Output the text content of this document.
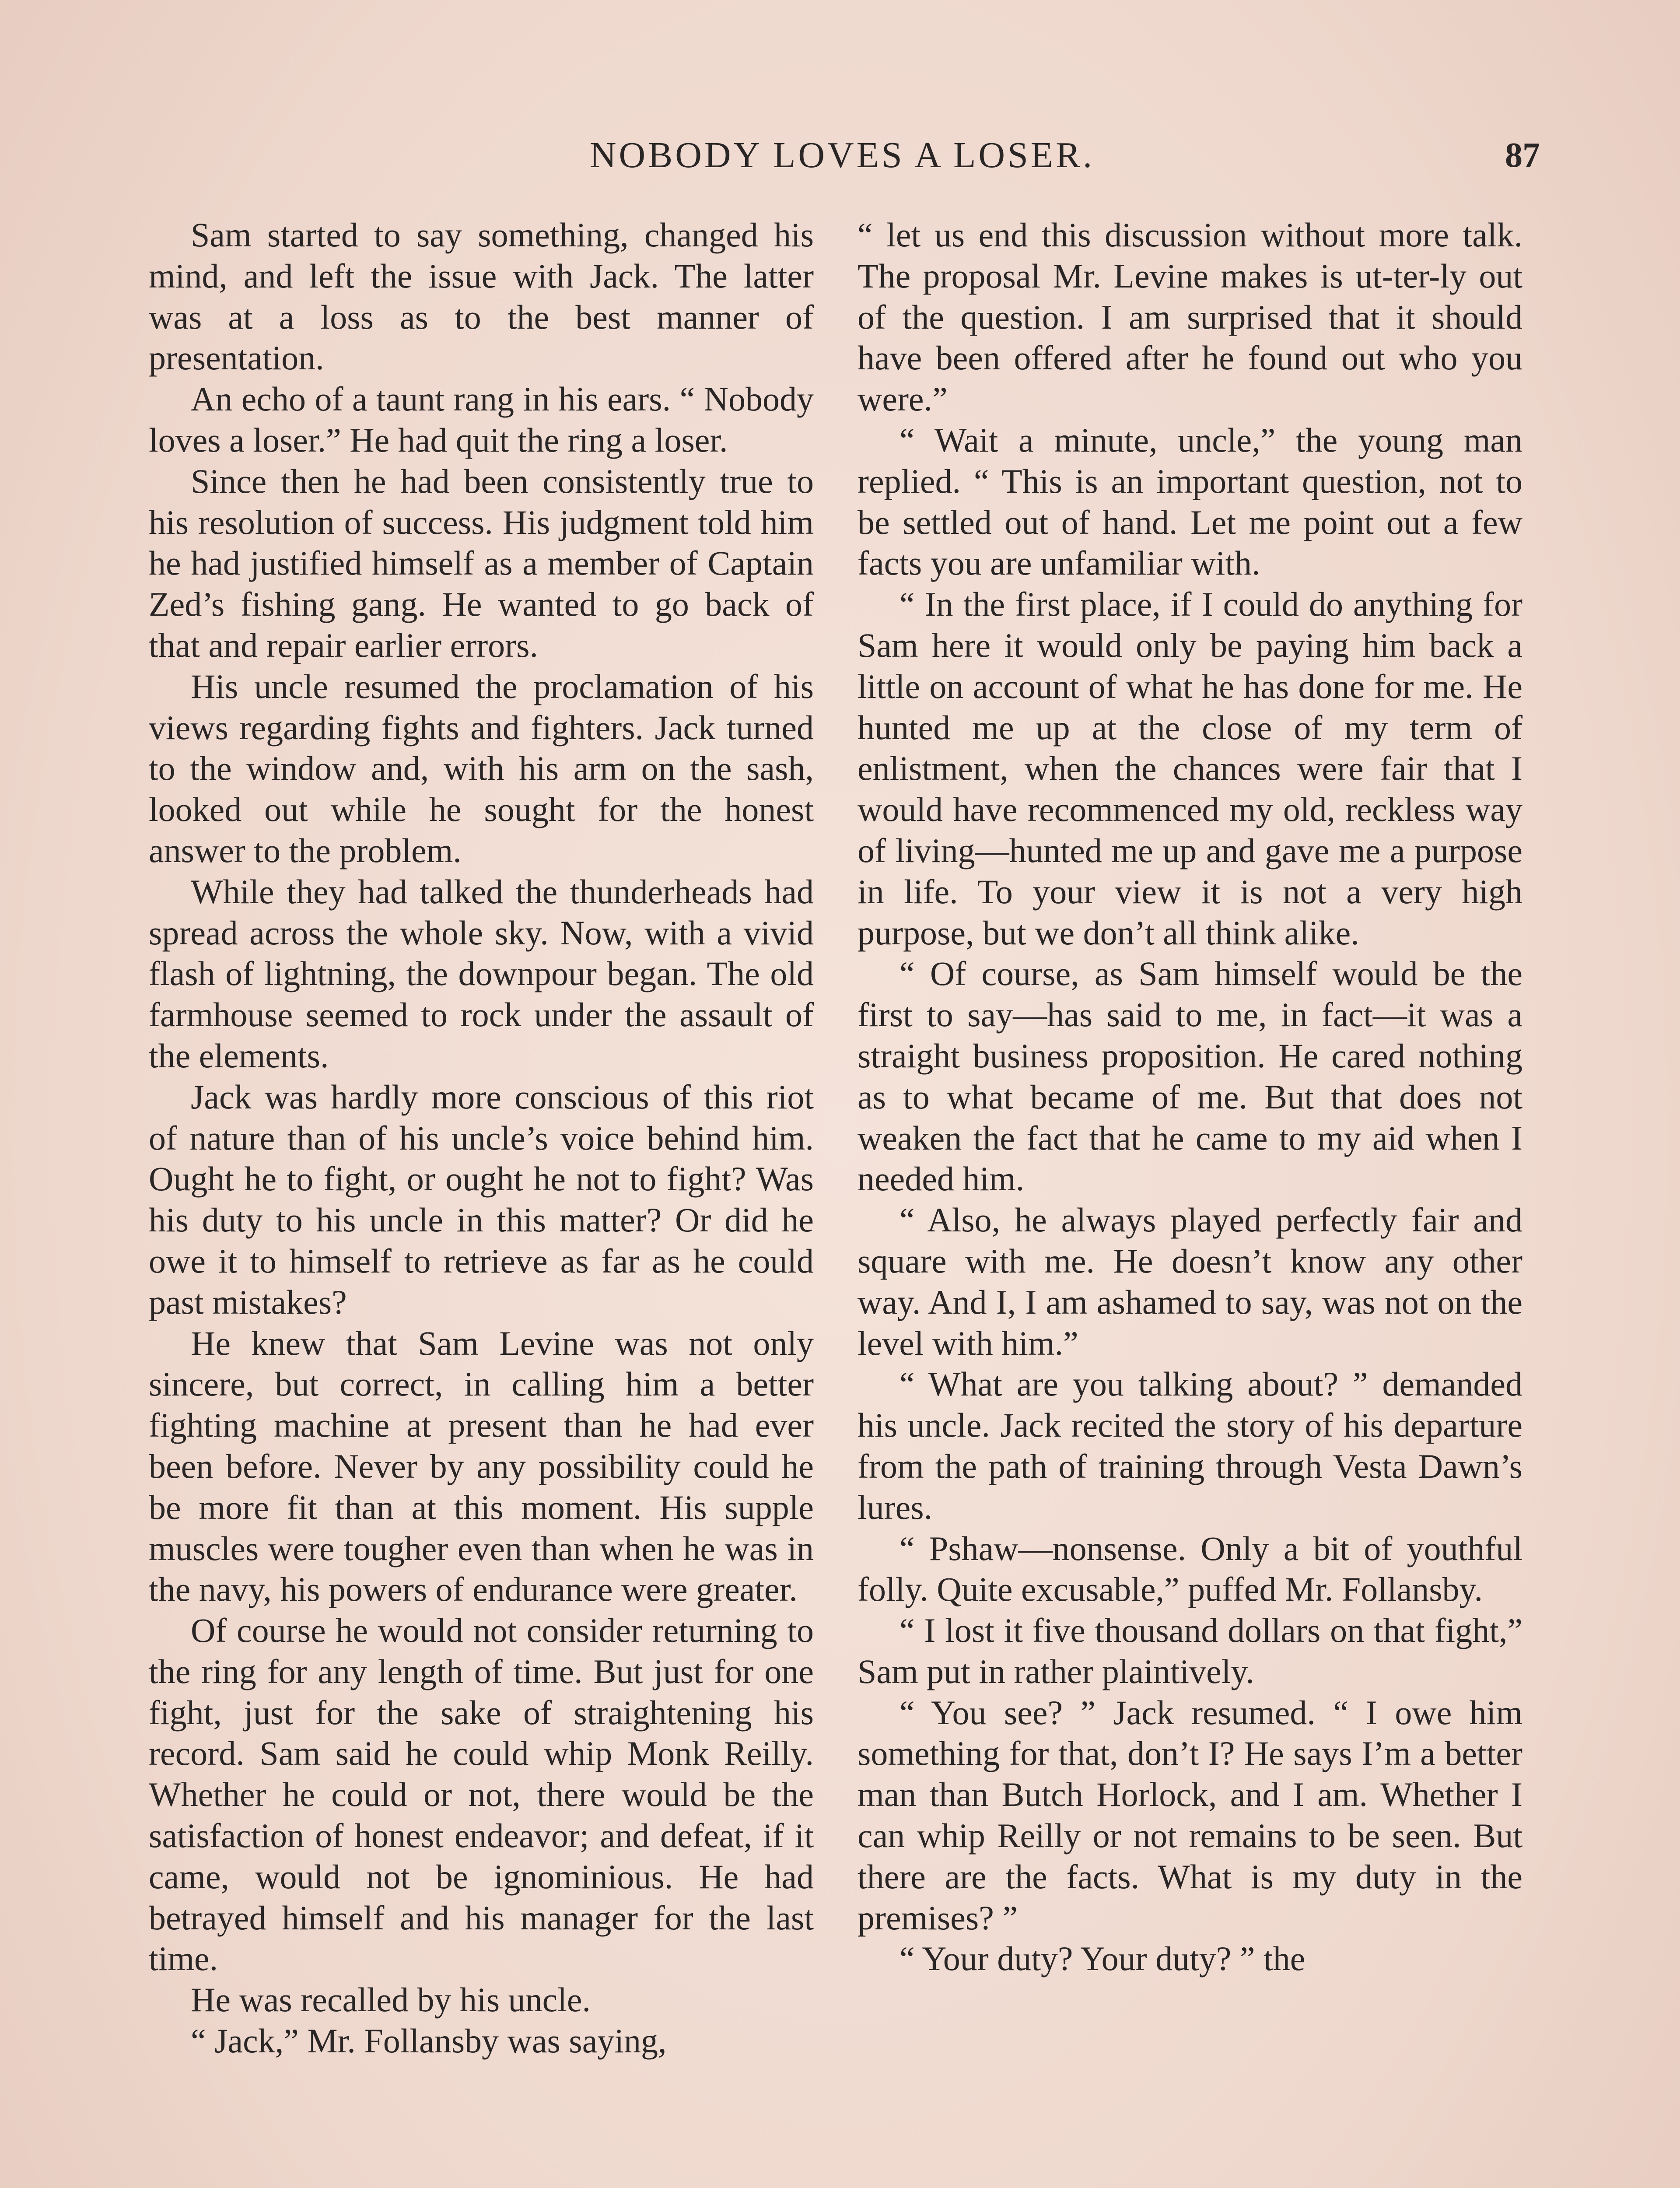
NOBODY LOVES A LOSER.	87

Sam started to say something, changed his mind, and left the issue with Jack. The latter was at a loss as to the best manner of presentation.

An echo of a taunt rang in his ears. “ Nobody loves a loser.” He had quit the ring a loser.

Since then he had been consistently true to his resolution of success. His judgment told him he had justified himself as a member of Captain Zed’s fishing gang. He wanted to go back of that and repair earlier errors.

His uncle resumed the proclamation of his views regarding fights and fighters. Jack turned to the window and, with his arm on the sash, looked out while he sought for the honest answer to the problem.

While they had talked the thunderheads had spread across the whole sky. Now, with a vivid flash of lightning, the downpour began. The old farmhouse seemed to rock under the assault of the elements.

Jack was hardly more conscious of this riot of nature than of his uncle’s voice behind him. Ought he to fight, or ought he not to fight? Was his duty to his uncle in this matter? Or did he owe it to himself to retrieve as far as he could past mistakes?

He knew that Sam Levine was not only sincere, but correct, in calling him a better fighting machine at present than he had ever been before. Never by any possibility could he be more fit than at this moment. His supple muscles were tougher even than when he was in the navy, his powers of endurance were greater.

Of course he would not consider returning to the ring for any length of time. But just for one fight, just for the sake of straightening his record. Sam said he could whip Monk Reilly. Whether he could or not, there would be the satisfaction of honest endeavor; and defeat, if it came, would not be ignominious. He had betrayed himself and his manager for the last time.

He was recalled by his uncle.

“ Jack,” Mr. Follansby was saying,

“ let us end this discussion without more talk. The proposal Mr. Levine makes is ut-ter-ly out of the question. I am surprised that it should have been offered after he found out who you were.”

“ Wait a minute, uncle,” the young man replied. “ This is an important question, not to be settled out of hand. Let me point out a few facts you are unfamiliar with.

“ In the first place, if I could do anything for Sam here it would only be paying him back a little on account of what he has done for me. He hunted me up at the close of my term of enlistment, when the chances were fair that I would have recommenced my old, reckless way of living—hunted me up and gave me a purpose in life. To your view it is not a very high purpose, but we don’t all think alike.

“ Of course, as Sam himself would be the first to say—has said to me, in fact—it was a straight business proposition. He cared nothing as to what became of me. But that does not weaken the fact that he came to my aid when I needed him.

“ Also, he always played perfectly fair and square with me. He doesn’t know any other way. And I, I am ashamed to say, was not on the level with him.”

“ What are you talking about? ” demanded his uncle. Jack recited the story of his departure from the path of training through Vesta Dawn’s lures.

“ Pshaw—nonsense. Only a bit of youthful folly. Quite excusable,” puffed Mr. Follansby.

“ I lost it five thousand dollars on that fight,” Sam put in rather plaintively.

“ You see? ” Jack resumed. “ I owe him something for that, don’t I? He says I’m a better man than Butch Horlock, and I am. Whether I can whip Reilly or not remains to be seen. But there are the facts. What is my duty in the premises? ”

“ Your duty? Your duty? ” the
